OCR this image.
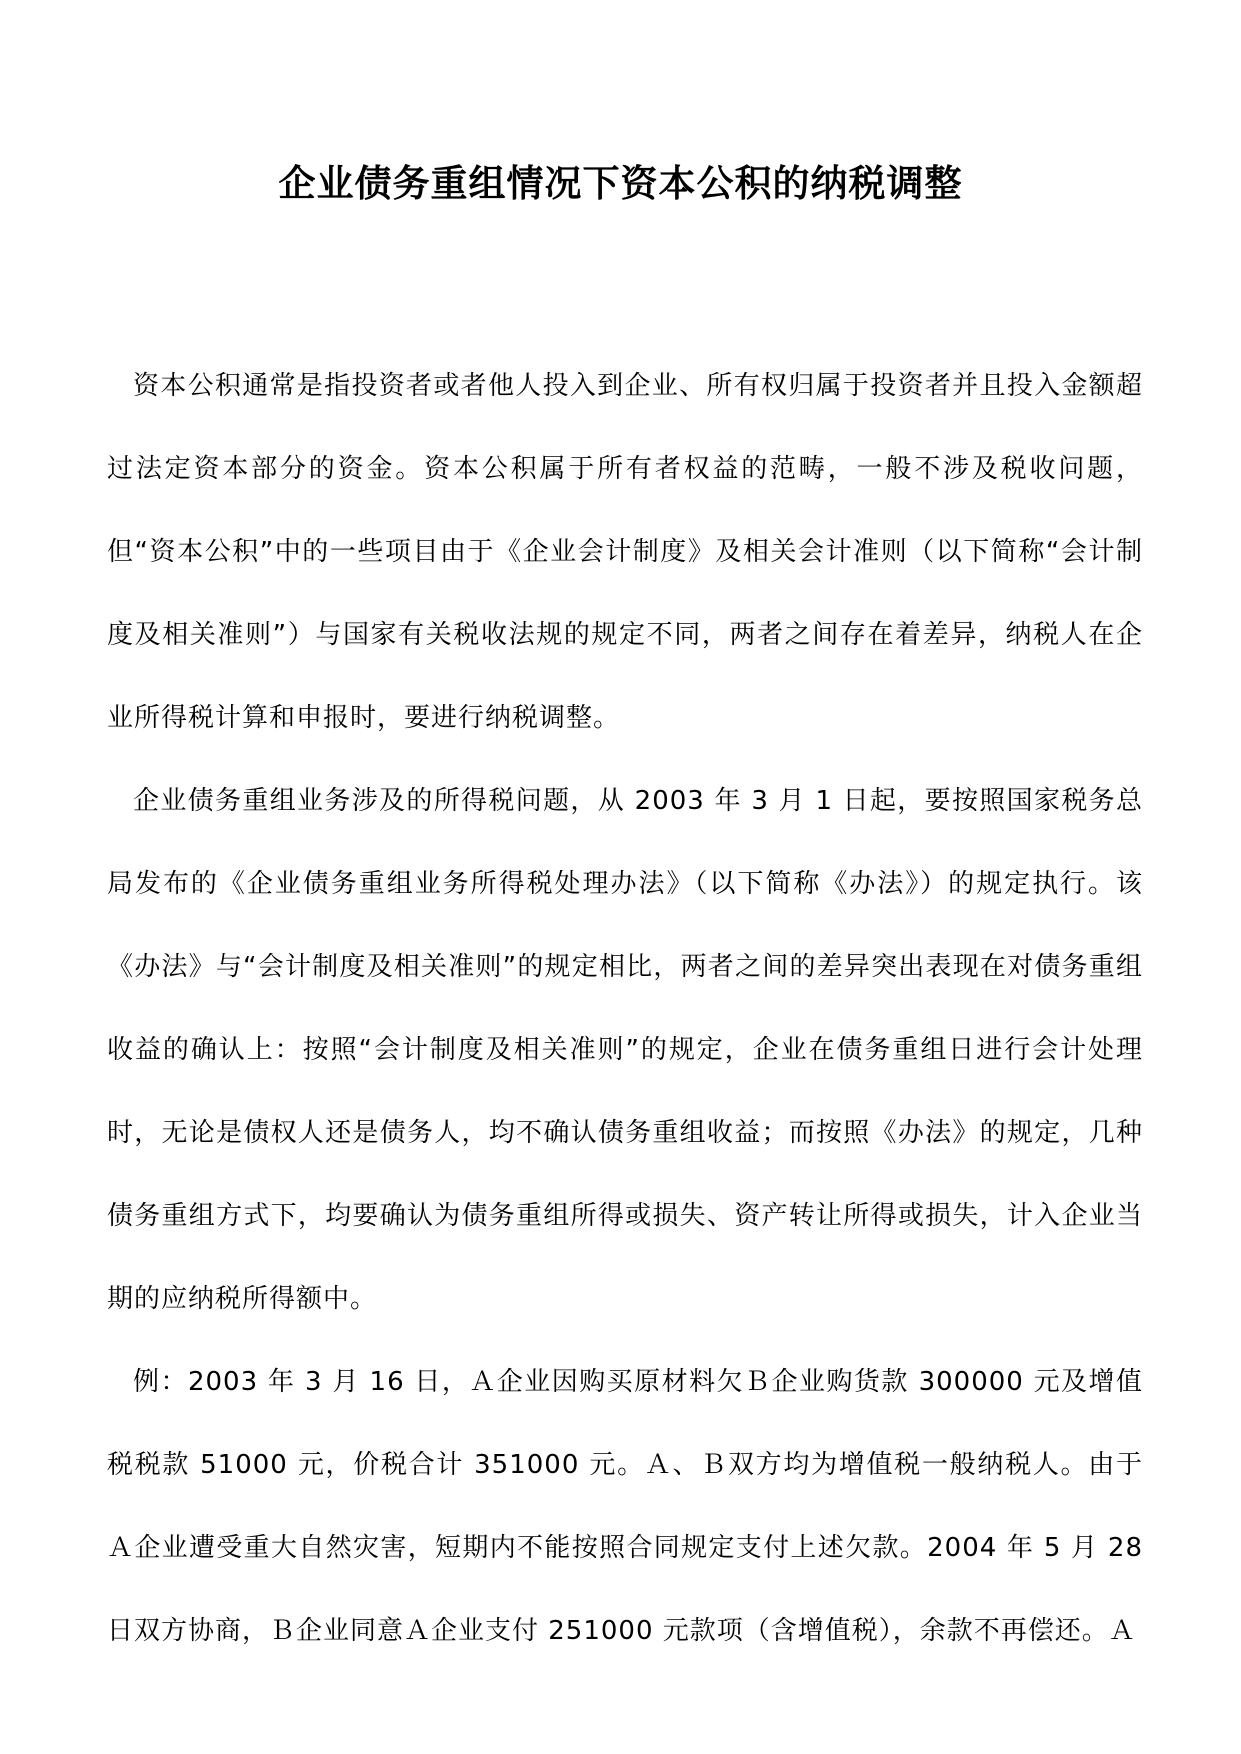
企业债务重组情况下资本公积的纳税调整

资本公积通常是指投资者或者他人投入到企业、所有权归属于投资者并且投入金额超过法定资本部分的资金。资本公积属于所有者权益的范畴，一般不涉及税收问题，但“资本公积”中的一些项目由于《企业会计制度》及相关会计准则（以下简称“会计制度及相关准则”）与国家有关税收法规的规定不同，两者之间存在着差异，纳税人在企业所得税计算和申报时，要进行纳税调整。

企业债务重组业务涉及的所得税问题，从 2003 年 3 月 1 日起，要按照国家税务总局发布的《企业债务重组业务所得税处理办法》（以下简称《办法》）的规定执行。该《办法》与“会计制度及相关准则”的规定相比，两者之间的差异突出表现在对债务重组收益的确认上：按照“会计制度及相关准则”的规定，企业在债务重组日进行会计处理时，无论是债权人还是债务人，均不确认债务重组收益；而按照《办法》的规定，几种债务重组方式下，均要确认为债务重组所得或损失、资产转让所得或损失，计入企业当期的应纳税所得额中。

例：2003 年 3 月 16 日，Ａ企业因购买原材料欠Ｂ企业购货款 300000 元及增值税税款 51000 元，价税合计 351000 元。Ａ、Ｂ双方均为增值税一般纳税人。由于Ａ企业遭受重大自然灾害，短期内不能按照合同规定支付上述欠款。2004 年 5 月 28 日双方协商，Ｂ企业同意Ａ企业支付 251000 元款项（含增值税），余款不再偿还。Ａ
